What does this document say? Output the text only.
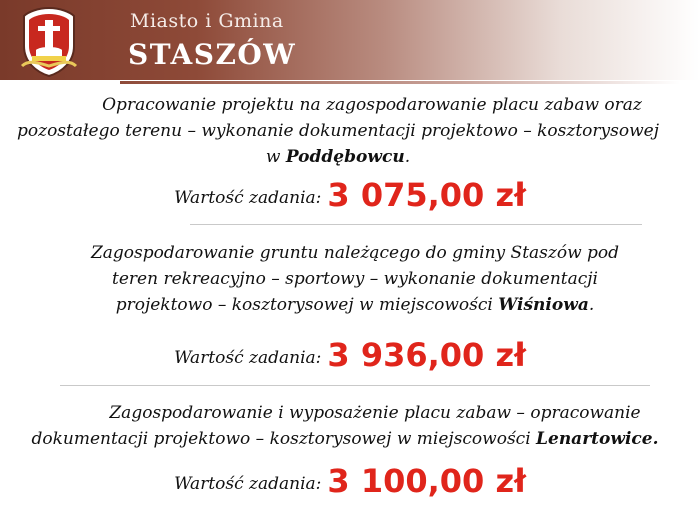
Miasto i Gmina
STASZÓW

Opracowanie projektu na zagospodarowanie placu zabaw oraz pozostałego terenu – wykonanie dokumentacji projektowo – kosztorysowej w Poddębowcu.

Wartość zadania: 3 075,00 zł

Zagospodarowanie gruntu należącego do gminy Staszów pod teren rekreacyjno – sportowy – wykonanie dokumentacji projektowo – kosztorysowej w miejscowości Wiśniowa.

Wartość zadania: 3 936,00 zł

Zagospodarowanie i wyposażenie placu zabaw – opracowanie dokumentacji projektowo – kosztorysowej w miejscowości Lenartowice.

Wartość zadania: 3 100,00 zł
